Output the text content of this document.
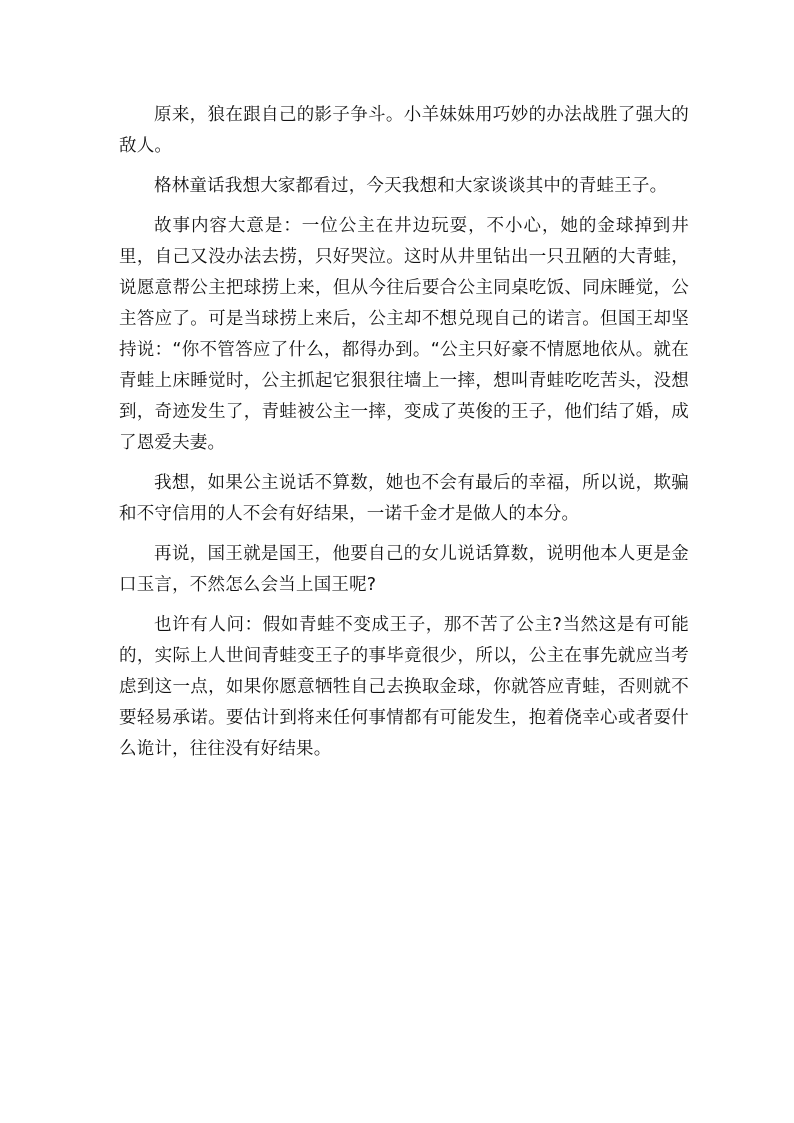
原来，狼在跟自己的影子争斗。小羊妹妹用巧妙的办法战胜了强大的敌人。

格林童话我想大家都看过，今天我想和大家谈谈其中的青蛙王子。

故事内容大意是：一位公主在井边玩耍，不小心，她的金球掉到井里，自己又没办法去捞，只好哭泣。这时从井里钻出一只丑陋的大青蛙，说愿意帮公主把球捞上来，但从今往后要合公主同桌吃饭、同床睡觉，公主答应了。可是当球捞上来后，公主却不想兑现自己的诺言。但国王却坚持说：“你不管答应了什么，都得办到。“公主只好豪不情愿地依从。就在青蛙上床睡觉时，公主抓起它狠狠往墙上一摔，想叫青蛙吃吃苦头，没想到，奇迹发生了，青蛙被公主一摔，变成了英俊的王子，他们结了婚，成了恩爱夫妻。

我想，如果公主说话不算数，她也不会有最后的幸福，所以说，欺骗和不守信用的人不会有好结果，一诺千金才是做人的本分。

再说，国王就是国王，他要自己的女儿说话算数，说明他本人更是金口玉言，不然怎么会当上国王呢?

也许有人问：假如青蛙不变成王子，那不苦了公主?当然这是有可能的，实际上人世间青蛙变王子的事毕竟很少，所以，公主在事先就应当考虑到这一点，如果你愿意牺牲自己去换取金球，你就答应青蛙，否则就不要轻易承诺。要估计到将来任何事情都有可能发生，抱着侥幸心或者耍什么诡计，往往没有好结果。
